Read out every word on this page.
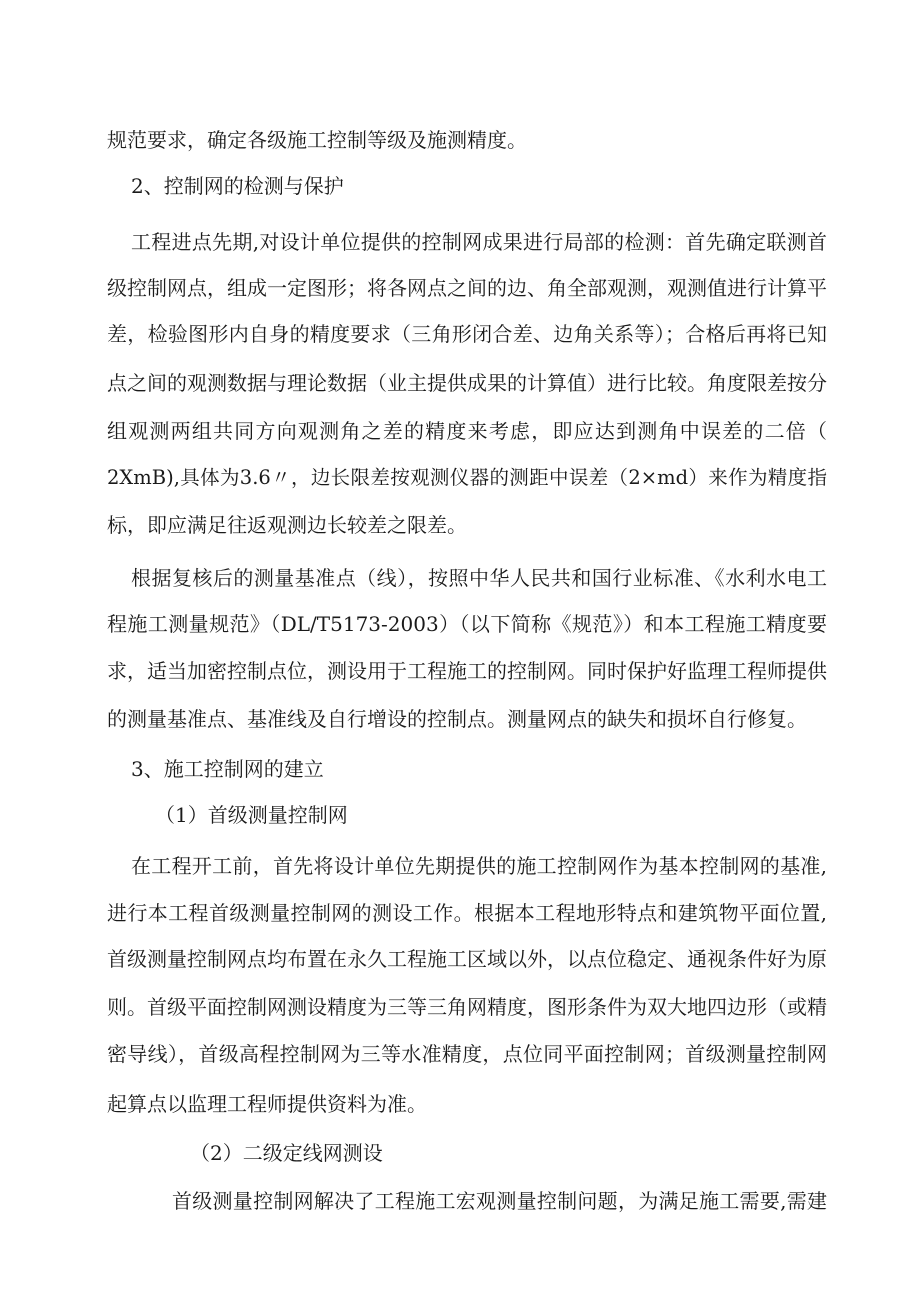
规范要求，确定各级施工控制等级及施测精度。
2、控制网的检测与保护
工程进点先期,对设计单位提供的控制网成果进行局部的检测：首先确定联测首
级控制网点，组成一定图形；将各网点之间的边、角全部观测，观测值进行计算平
差，检验图形内自身的精度要求（三角形闭合差、边角关系等）；合格后再将已知
点之间的观测数据与理论数据（业主提供成果的计算值）进行比较。角度限差按分
组观测两组共同方向观测角之差的精度来考虑，即应达到测角中误差的二倍（
2XmB),具体为3.6〃，边长限差按观测仪器的测距中误差（2×md）来作为精度指
标，即应满足往返观测边长较差之限差。
根据复核后的测量基准点（线），按照中华人民共和国行业标准、《水利水电工
程施工测量规范》（DL/T5173-2003）（以下简称《规范》）和本工程施工精度要
求，适当加密控制点位，测设用于工程施工的控制网。同时保护好监理工程师提供
的测量基准点、基准线及自行增设的控制点。测量网点的缺失和损坏自行修复。
3、施工控制网的建立
（1）首级测量控制网
在工程开工前，首先将设计单位先期提供的施工控制网作为基本控制网的基准,
进行本工程首级测量控制网的测设工作。根据本工程地形特点和建筑物平面位置,
首级测量控制网点均布置在永久工程施工区域以外，以点位稳定、通视条件好为原
则。首级平面控制网测设精度为三等三角网精度，图形条件为双大地四边形（或精
密导线），首级高程控制网为三等水准精度，点位同平面控制网；首级测量控制网
起算点以监理工程师提供资料为准。
（2）二级定线网测设
首级测量控制网解决了工程施工宏观测量控制问题，为满足施工需要,需建
